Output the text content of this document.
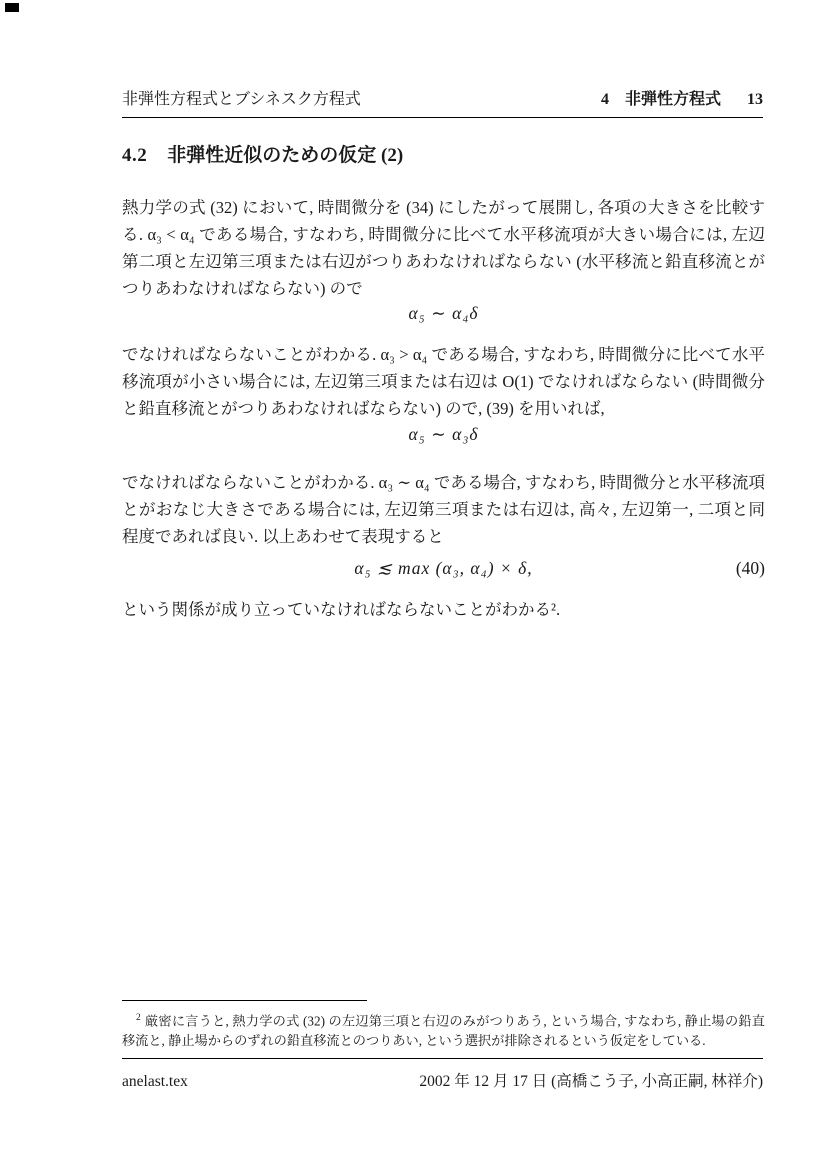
非弾性方程式とブシネスク方程式	4　非弾性方程式 13
4.2 非弾性近似のための仮定 (2)
熱力学の式 (32) において, 時間微分を (34) にしたがって展開し, 各項の大きさを比較する. α₃ < α₄ である場合, すなわち, 時間微分に比べて水平移流項が大きい場合には, 左辺第二項と左辺第三項または右辺がつりあわなければならない (水平移流と鉛直移流とがつりあわなければならない) ので
α₅ ∼ α₄δ
でなければならないことがわかる. α₃ > α₄ である場合, すなわち, 時間微分に比べて水平移流項が小さい場合には, 左辺第三項または右辺は O(1) でなければならない (時間微分と鉛直移流とがつりあわなければならない) ので, (39) を用いれば,
α₅ ∼ α₃δ
でなければならないことがわかる. α₃ ∼ α₄ である場合, すなわち, 時間微分と水平移流項とがおなじ大きさである場合には, 左辺第三項または右辺は, 高々, 左辺第一, 二項と同程度であれば良い. 以上あわせて表現すると
α₅ ≲ max (α₃, α₄) × δ,	(40)
という関係が成り立っていなければならないことがわかる².
$^2$ 厳密に言うと, 熱力学の式 (32) の左辺第三項と右辺のみがつりあう, という場合, すなわち, 静止場の鉛直移流と, 静止場からのずれの鉛直移流とのつりあい, という選択が排除されるという仮定をしている.
anelast.tex	2002 年 12 月 17 日 (高橋こう子, 小高正嗣, 林祥介)
